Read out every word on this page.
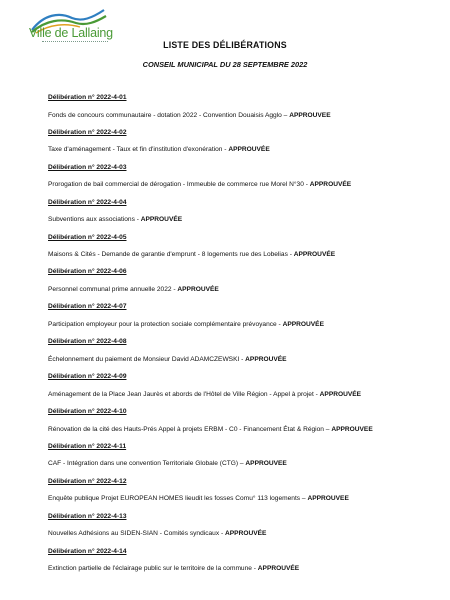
Ville de Lallaing
LISTE DES DÉLIBÉRATIONS
CONSEIL MUNICIPAL DU 28 SEPTEMBRE 2022
Délibération n° 2022-4-01
Fonds de concours communautaire - dotation 2022 - Convention Douaisis Agglo – APPROUVEE
Délibération n° 2022-4-02
Taxe d'aménagement - Taux et fin d'institution d'exonération - APPROUVÉE
Délibération n° 2022-4-03
Prorogation de bail commercial de dérogation - Immeuble de commerce rue Morel N°30 - APPROUVÉE
Délibération n° 2022-4-04
Subventions aux associations - APPROUVÉE
Délibération n° 2022-4-05
Maisons & Cités - Demande de garantie d'emprunt - 8 logements rue des Lobelias - APPROUVÉE
Délibération n° 2022-4-06
Personnel communal prime annuelle 2022 - APPROUVÉE
Délibération n° 2022-4-07
Participation employeur pour la protection sociale complémentaire prévoyance - APPROUVÉE
Délibération n° 2022-4-08
Échelonnement du paiement de Monsieur David ADAMCZEWSKI - APPROUVÉE
Délibération n° 2022-4-09
Aménagement de la Place Jean Jaurès et abords de l'Hôtel de Ville Région - Appel à projet - APPROUVÉE
Délibération n° 2022-4-10
Rénovation de la cité des Hauts-Prés Appel à projets ERBM - C0 - Financement État & Région – APPROUVEE
Délibération n° 2022-4-11
CAF - Intégration dans une convention Territoriale Globale (CTG) – APPROUVEE
Délibération n° 2022-4-12
Enquête publique Projet EUROPEAN HOMES lieudit les fosses Comu° 113 logements – APPROUVEE
Délibération n° 2022-4-13
Nouvelles Adhésions au SIDEN-SIAN - Comités syndicaux - APPROUVÉE
Délibération n° 2022-4-14
Extinction partielle de l'éclairage public sur le territoire de la commune - APPROUVÉE
